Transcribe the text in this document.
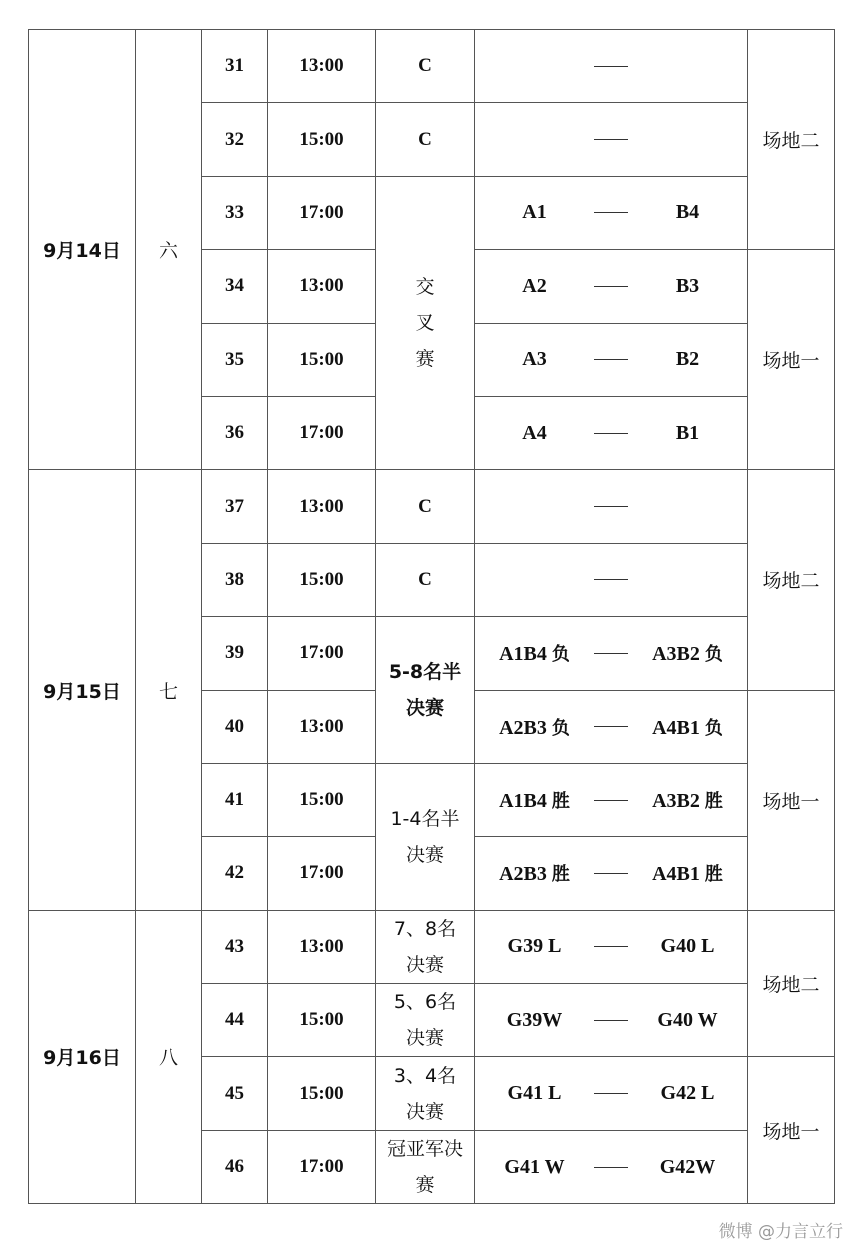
9月14日	六	31	13:00	C		场地二
		32	15:00	C		

		33	17:00	交叉赛	A1 B4	

		34	13:00		A2 B3	场地一
		35	15:00		A3 B2	

		36	17:00		A4 B1	

9月15日	七	37	13:00	C		场地二
		38	15:00	C		

		39	17:00	5-8名半决赛	A1B4 负 A3B2 负	

		40	13:00		A2B3 负 A4B1 负	场地一
		41	15:00	1-4名半决赛	A1B4 胜 A3B2 胜	

		42	17:00		A2B3 胜 A4B1 胜	

9月16日	八	43	13:00	7、8名决赛	G39 L G40 L	场地二
		44	15:00	5、6名决赛	G39W G40 W	

		45	15:00	3、4名决赛	G41 L G42 L	场地一
		46	17:00	冠亚军决赛	G41 W G42W	
微博 @力言立行
